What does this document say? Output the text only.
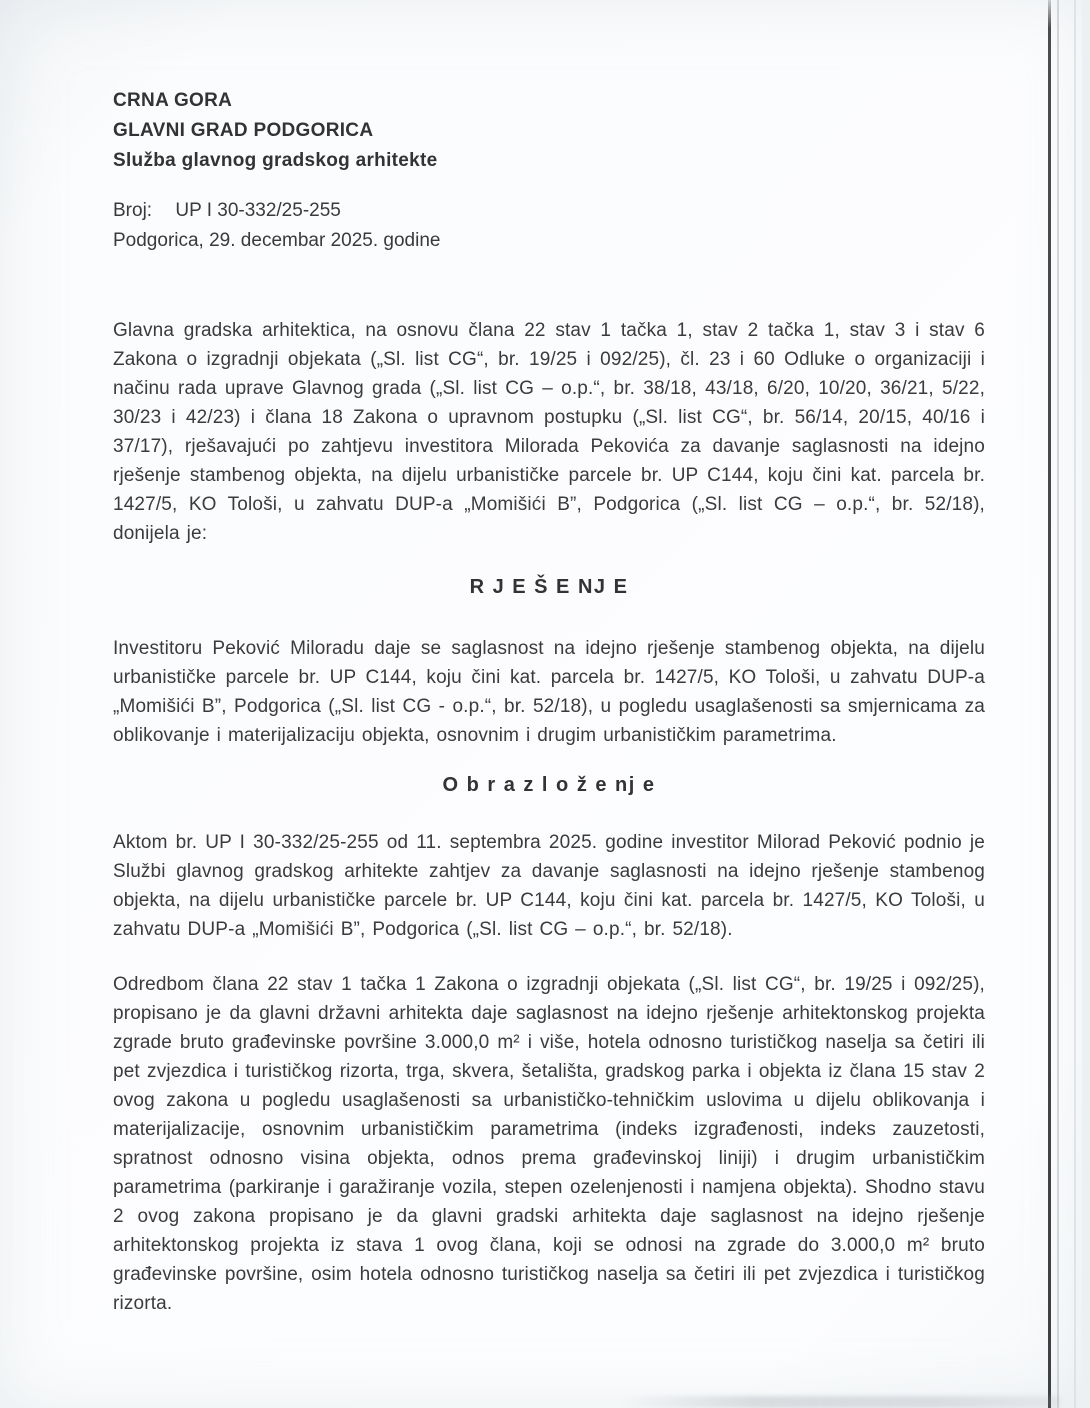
CRNA GORA
GLAVNI GRAD PODGORICA
Služba glavnog gradskog arhitekte
Broj: UP I 30-332/25-255
Podgorica, 29. decembar 2025. godine

Glavna gradska arhitektica, na osnovu člana 22 stav 1 tačka 1, stav 2 tačka 1, stav 3 i stav 6 Zakona o izgradnji objekata („Sl. list CG“, br. 19/25 i 092/25), čl. 23 i 60 Odluke o organizaciji i načinu rada uprave Glavnog grada („Sl. list CG – o.p.“, br. 38/18, 43/18, 6/20, 10/20, 36/21, 5/22, 30/23 i 42/23) i člana 18 Zakona o upravnom postupku („Sl. list CG“, br. 56/14, 20/15, 40/16 i 37/17), rješavajući po zahtjevu investitora Milorada Pekovića za davanje saglasnosti na idejno rješenje stambenog objekta, na dijelu urbanističke parcele br. UP C144, koju čini kat. parcela br. 1427/5, KO Tološi, u zahvatu DUP-a „Momišići B”, Podgorica („Sl. list CG – o.p.“, br. 52/18), donijela je:

R J E Š E NJ E

Investitoru Peković Miloradu daje se saglasnost na idejno rješenje stambenog objekta, na dijelu urbanističke parcele br. UP C144, koju čini kat. parcela br. 1427/5, KO Tološi, u zahvatu DUP-a „Momišići B”, Podgorica („Sl. list CG - o.p.“, br. 52/18), u pogledu usaglašenosti sa smjernicama za oblikovanje i materijalizaciju objekta, osnovnim i drugim urbanističkim parametrima.

O b r a z l o ž e nj e

Aktom br. UP I 30-332/25-255 od 11. septembra 2025. godine investitor Milorad Peković podnio je Službi glavnog gradskog arhitekte zahtjev za davanje saglasnosti na idejno rješenje stambenog objekta, na dijelu urbanističke parcele br. UP C144, koju čini kat. parcela br. 1427/5, KO Tološi, u zahvatu DUP-a „Momišići B”, Podgorica („Sl. list CG – o.p.“, br. 52/18).

Odredbom člana 22 stav 1 tačka 1 Zakona o izgradnji objekata („Sl. list CG“, br. 19/25 i 092/25), propisano je da glavni državni arhitekta daje saglasnost na idejno rješenje arhitektonskog projekta zgrade bruto građevinske površine 3.000,0 m² i više, hotela odnosno turističkog naselja sa četiri ili pet zvjezdica i turističkog rizorta, trga, skvera, šetališta, gradskog parka i objekta iz člana 15 stav 2 ovog zakona u pogledu usaglašenosti sa urbanističko-tehničkim uslovima u dijelu oblikovanja i materijalizacije, osnovnim urbanističkim parametrima (indeks izgrađenosti, indeks zauzetosti, spratnost odnosno visina objekta, odnos prema građevinskoj liniji) i drugim urbanističkim parametrima (parkiranje i garažiranje vozila, stepen ozelenjenosti i namjena objekta). Shodno stavu 2 ovog zakona propisano je da glavni gradski arhitekta daje saglasnost na idejno rješenje arhitektonskog projekta iz stava 1 ovog člana, koji se odnosi na zgrade do 3.000,0 m² bruto građevinske površine, osim hotela odnosno turističkog naselja sa četiri ili pet zvjezdica i turističkog rizorta.
